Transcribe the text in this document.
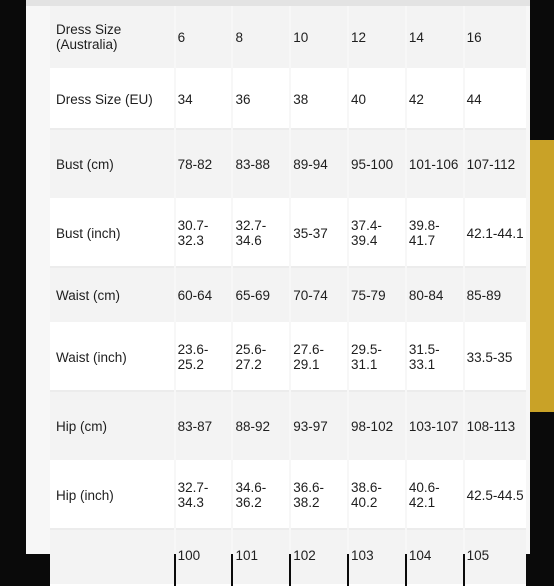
Dress Size (Australia)	6	8	10	12	14	16
Dress Size (EU)	34	36	38	40	42	44
Bust (cm)	78-82	83-88	89-94	95-100	101-106	107-112
Bust (inch)	30.7-32.3	32.7-34.6	35-37	37.4-39.4	39.8-41.7	42.1-44.1
Waist (cm)	60-64	65-69	70-74	75-79	80-84	85-89
Waist (inch)	23.6-25.2	25.6-27.2	27.6-29.1	29.5-31.1	31.5-33.1	33.5-35
Hip (cm)	83-87	88-92	93-97	98-102	103-107	108-113
Hip (inch)	32.7-34.3	34.6-36.2	36.6-38.2	38.6-40.2	40.6-42.1	42.5-44.5
	100	101	102	103	104	105
